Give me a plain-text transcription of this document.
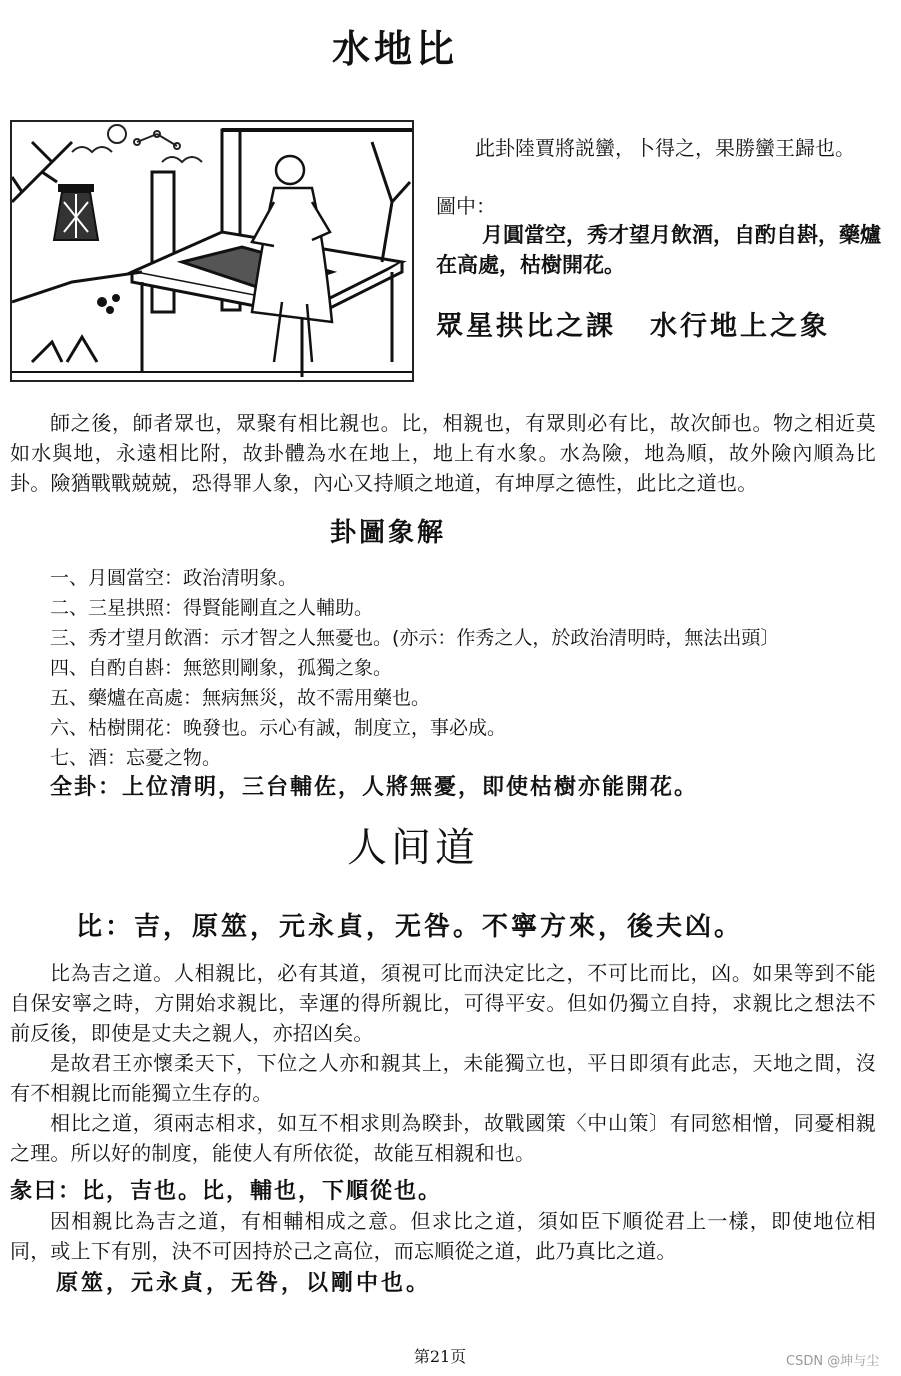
水地比
此卦陸賈將説蠻，卜得之，果勝蠻王歸也。
圖中：
月圓當空，秀才望月飲酒，自酌自斟，藥爐在高處，枯樹開花。
眾星拱比之課 水行地上之象
師之後，師者眾也，眾聚有相比親也。比，相親也，有眾則必有比，故次師也。物之相近莫如水與地，永遠相比附，故卦體為水在地上，地上有水象。水為險，地為順，故外險內順為比卦。險猶戰戰兢兢，恐得罪人象，內心又持順之地道，有坤厚之德性，此比之道也。
卦圖象解
一、月圓當空：政治清明象。
二、三星拱照：得賢能剛直之人輔助。
三、秀才望月飲酒：示才智之人無憂也。(亦示：作秀之人，於政治清明時，無法出頭〕
四、自酌自斟：無慾則剛象，孤獨之象。
五、藥爐在高處：無病無災，故不需用藥也。
六、枯樹開花：晚發也。示心有誠，制度立，事必成。
七、酒：忘憂之物。
全卦：上位清明，三台輔佐，人將無憂，即使枯樹亦能開花。
人间道
比：吉，原筮，元永貞，无咎。不寧方來，後夫凶。
比為吉之道。人相親比，必有其道，須視可比而決定比之，不可比而比，凶。如果等到不能自保安寧之時，方開始求親比，幸運的得所親比，可得平安。但如仍獨立自持，求親比之想法不前反後，即使是丈夫之親人，亦招凶矣。
是故君王亦懷柔天下，下位之人亦和親其上，未能獨立也，平日即須有此志，天地之間，沒有不相親比而能獨立生存的。
相比之道，須兩志相求，如互不相求則為睽卦，故戰國策〈中山策〕有同慾相憎，同憂相親之理。所以好的制度，能使人有所依從，故能互相親和也。
彖曰：比，吉也。比，輔也，下順從也。
因相親比為吉之道，有相輔相成之意。但求比之道，須如臣下順從君上一樣，即使地位相同，或上下有別，決不可因持於己之高位，而忘順從之道，此乃真比之道。
原筮，元永貞，无咎，以剛中也。
第21页	CSDN @坤与尘
